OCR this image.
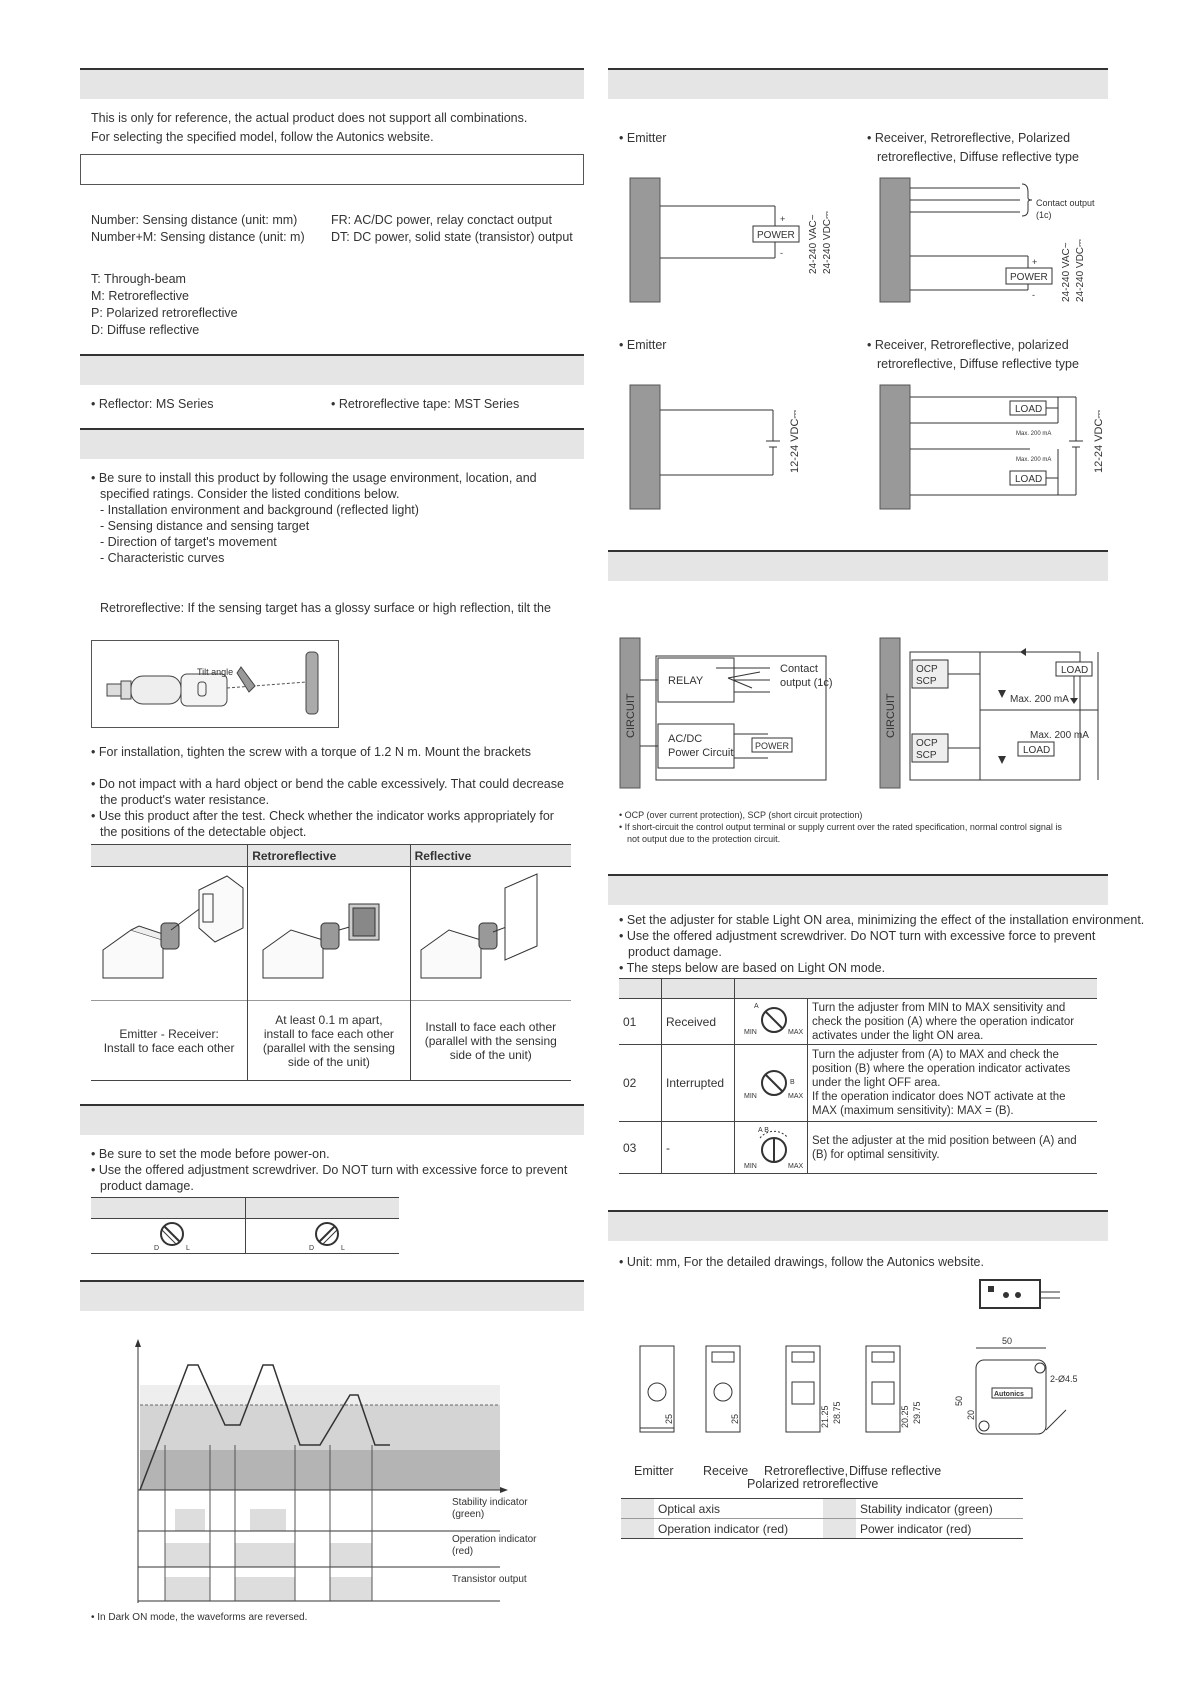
This is only for reference, the actual product does not support all combinations.
For selecting the specified model, follow the Autonics website.
Number: Sensing distance (unit: mm)
Number+M: Sensing distance (unit: m)
FR: AC/DC power, relay conctact output
DT: DC power, solid state (transistor) output
T: Through-beam
M: Retroreflective
P: Polarized retroreflective
D: Diffuse reflective
• Reflector: MS Series	• Retroreflective tape: MST Series
• Be sure to install this product by following the usage environment, location, and
specified ratings. Consider the listed conditions below.
- Installation environment and background (reflected light)
- Sensing distance and sensing target
- Direction of target's movement
- Characteristic curves
Retroreflective: If the sensing target has a glossy surface or high reflection, tilt the
Tilt angle
• For installation, tighten the screw with a torque of 1.2 N m. Mount the brackets
• Do not impact with a hard object or bend the cable excessively. That could decrease
the product's water resistance.
• Use this product after the test. Check whether the indicator works appropriately for
the positions of the detectable object.
	Retroreflective	Reflective

Emitter - Receiver:
Install to face each other	At least 0.1 m apart,
install to face each other
(parallel with the sensing
side of the unit)	Install to face each other
(parallel with the sensing
side of the unit)
• Be sure to set the mode before power-on.
• Use the offered adjustment screwdriver. Do NOT turn with excessive force to prevent
product damage.
D	L	D	L
Stability indicator
(green)
Operation indicator
(red)
Transistor output
• In Dark ON mode, the waveforms are reversed.
• Emitter	• Receiver, Retroreflective, Polarized
retroreflective, Diffuse reflective type
• Emitter	• Receiver, Retroreflective, polarized
retroreflective, Diffuse reflective type
POWER
+
-	24-240 VAC~ 24-240 VDC⎓
Contact output
(1c)
POWER
+
-	24-240 VAC~ 24-240 VDC⎓
12-24 VDC⎓
LOAD
Max. 200 mA
LOAD
Max. 200 mA	12-24 VDC⎓
CIRCUIT
RELAY
Contact
output (1c)
AC/DC
Power Circuit
POWER
CIRCUIT
OCP
SCP
OCP
SCP
LOAD
LOAD
Max. 200 mA
Max. 200 mA
• OCP (over current protection), SCP (short circuit protection)
• If short-circuit the control output terminal or supply current over the rated specification, normal control signal is
not output due to the protection circuit.
• Set the adjuster for stable Light ON area, minimizing the effect of the installation environment.
• Use the offered adjustment screwdriver. Do NOT turn with excessive force to prevent
product damage.
• The steps below are based on Light ON mode.

01	Received		Turn the adjuster from MIN to MAX sensitivity and
check the position (A) where the operation indicator
activates under the light ON area.
02	Interrupted		Turn the adjuster from (A) to MAX and check the
position (B) where the operation indicator activates
under the light OFF area.
If the operation indicator does NOT activate at the
MAX (maximum sensitivity): MAX = (B).
03	-		Set the adjuster at the mid position between (A) and
(B) for optimal sensitivity.
A
MIN	MAX
B
MIN	MAX
A B
MIN	MAX
• Unit: mm, For the detailed drawings, follow the Autonics website.
25	25	21.25 28.75	20.25 29.75
Autonics
50
50
20
2-Ø4.5
Emitter Receive Retroreflective, Diffuse reflective
Polarized retroreflective
	Optical axis		Stability indicator (green)
	Operation indicator (red)		Power indicator (red)
